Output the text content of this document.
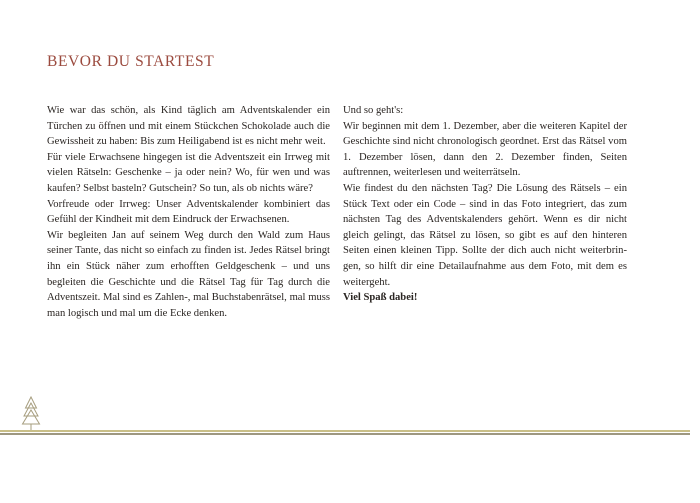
BEVOR DU STARTEST

Wie war das schön, als Kind täglich am Adventskalender ein Türchen zu öffnen und mit einem Stückchen Schokolade auch die Gewissheit zu haben: Bis zum Heiligabend ist es nicht mehr weit.

Für viele Erwachsene hingegen ist die Adventszeit ein Irrweg mit vielen Rätseln: Geschenke – ja oder nein? Wo, für wen und was kaufen? Selbst basteln? Gutschein? So tun, als ob nichts wäre?

Vorfreude oder Irrweg: Unser Adventskalender kombiniert das Gefühl der Kindheit mit dem Eindruck der Erwachsenen.

Wir begleiten Jan auf seinem Weg durch den Wald zum Haus seiner Tante, das nicht so einfach zu finden ist. Jedes Rätsel bringt ihn ein Stück näher zum erhofften Geldgeschenk – und uns begleiten die Geschichte und die Rätsel Tag für Tag durch die Adventszeit. Mal sind es Zahlen-, mal Buchstabenrätsel, mal muss man logisch und mal um die Ecke denken.

Und so geht's:

Wir beginnen mit dem 1. Dezember, aber die weiteren Kapitel der Geschichte sind nicht chronologisch geordnet. Erst das Rätsel vom 1. Dezember lösen, dann den 2. Dezember finden, Seiten auftrennen, weiterlesen und weiterrätseln.

Wie findest du den nächsten Tag? Die Lösung des Rätsels – ein Stück Text oder ein Code – sind in das Foto integriert, das zum nächsten Tag des Adventskalenders gehört. Wenn es dir nicht gleich gelingt, das Rätsel zu lösen, so gibt es auf den hinteren Seiten einen kleinen Tipp. Sollte der dich auch nicht weiterbringen, so hilft dir eine Detailaufnahme aus dem Foto, mit dem es weitergeht.

Viel Spaß dabei!
